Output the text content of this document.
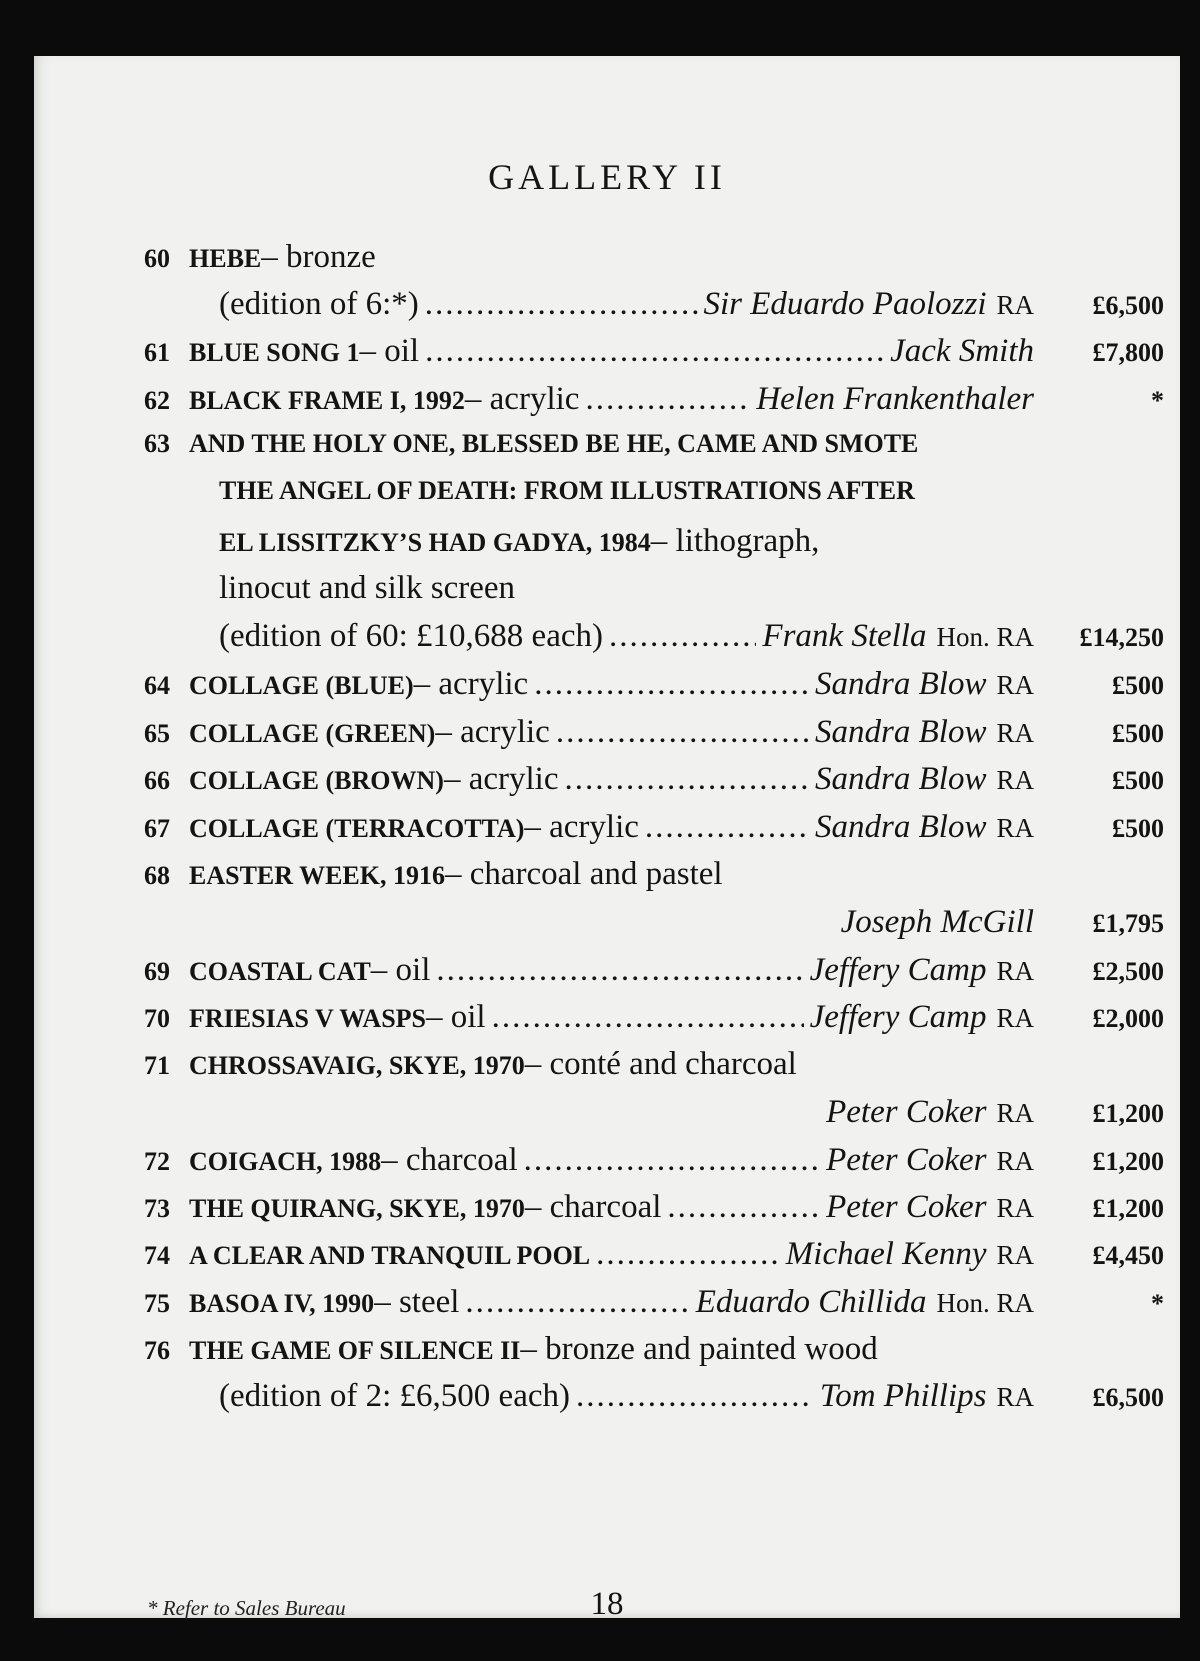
GALLERY II
60 HEBE – bronze
(edition of 6:*) .....	Sir Eduardo Paolozzi RA	£6,500
61 BLUE SONG 1 – oil .....	Jack Smith	£7,800
62 BLACK FRAME I, 1992 – acrylic .....	Helen Frankenthaler	*
63 AND THE HOLY ONE, BLESSED BE HE, CAME AND SMOTE
THE ANGEL OF DEATH: FROM ILLUSTRATIONS AFTER
EL LISSITZKY’S HAD GADYA, 1984 – lithograph,
linocut and silk screen
(edition of 60: £10,688 each) .....	Frank Stella Hon. RA	£14,250
64 COLLAGE (BLUE) – acrylic .....	Sandra Blow RA	£500
65 COLLAGE (GREEN) – acrylic .....	Sandra Blow RA	£500
66 COLLAGE (BROWN) – acrylic .....	Sandra Blow RA	£500
67 COLLAGE (TERRACOTTA) – acrylic .....	Sandra Blow RA	£500
68 EASTER WEEK, 1916 – charcoal and pastel
Joseph McGill	£1,795
69 COASTAL CAT – oil .....	Jeffery Camp RA	£2,500
70 FRIESIAS V WASPS – oil .....	Jeffery Camp RA	£2,000
71 CHROSSAVAIG, SKYE, 1970 – conté and charcoal
Peter Coker RA	£1,200
72 COIGACH, 1988 – charcoal .....	Peter Coker RA	£1,200
73 THE QUIRANG, SKYE, 1970 – charcoal .....	Peter Coker RA	£1,200
74 A CLEAR AND TRANQUIL POOL .....	Michael Kenny RA	£4,450
75 BASOA IV, 1990 – steel .....	Eduardo Chillida Hon. RA	*
76 THE GAME OF SILENCE II – bronze and painted wood
(edition of 2: £6,500 each) .....	Tom Phillips RA	£6,500
* Refer to Sales Bureau	18
